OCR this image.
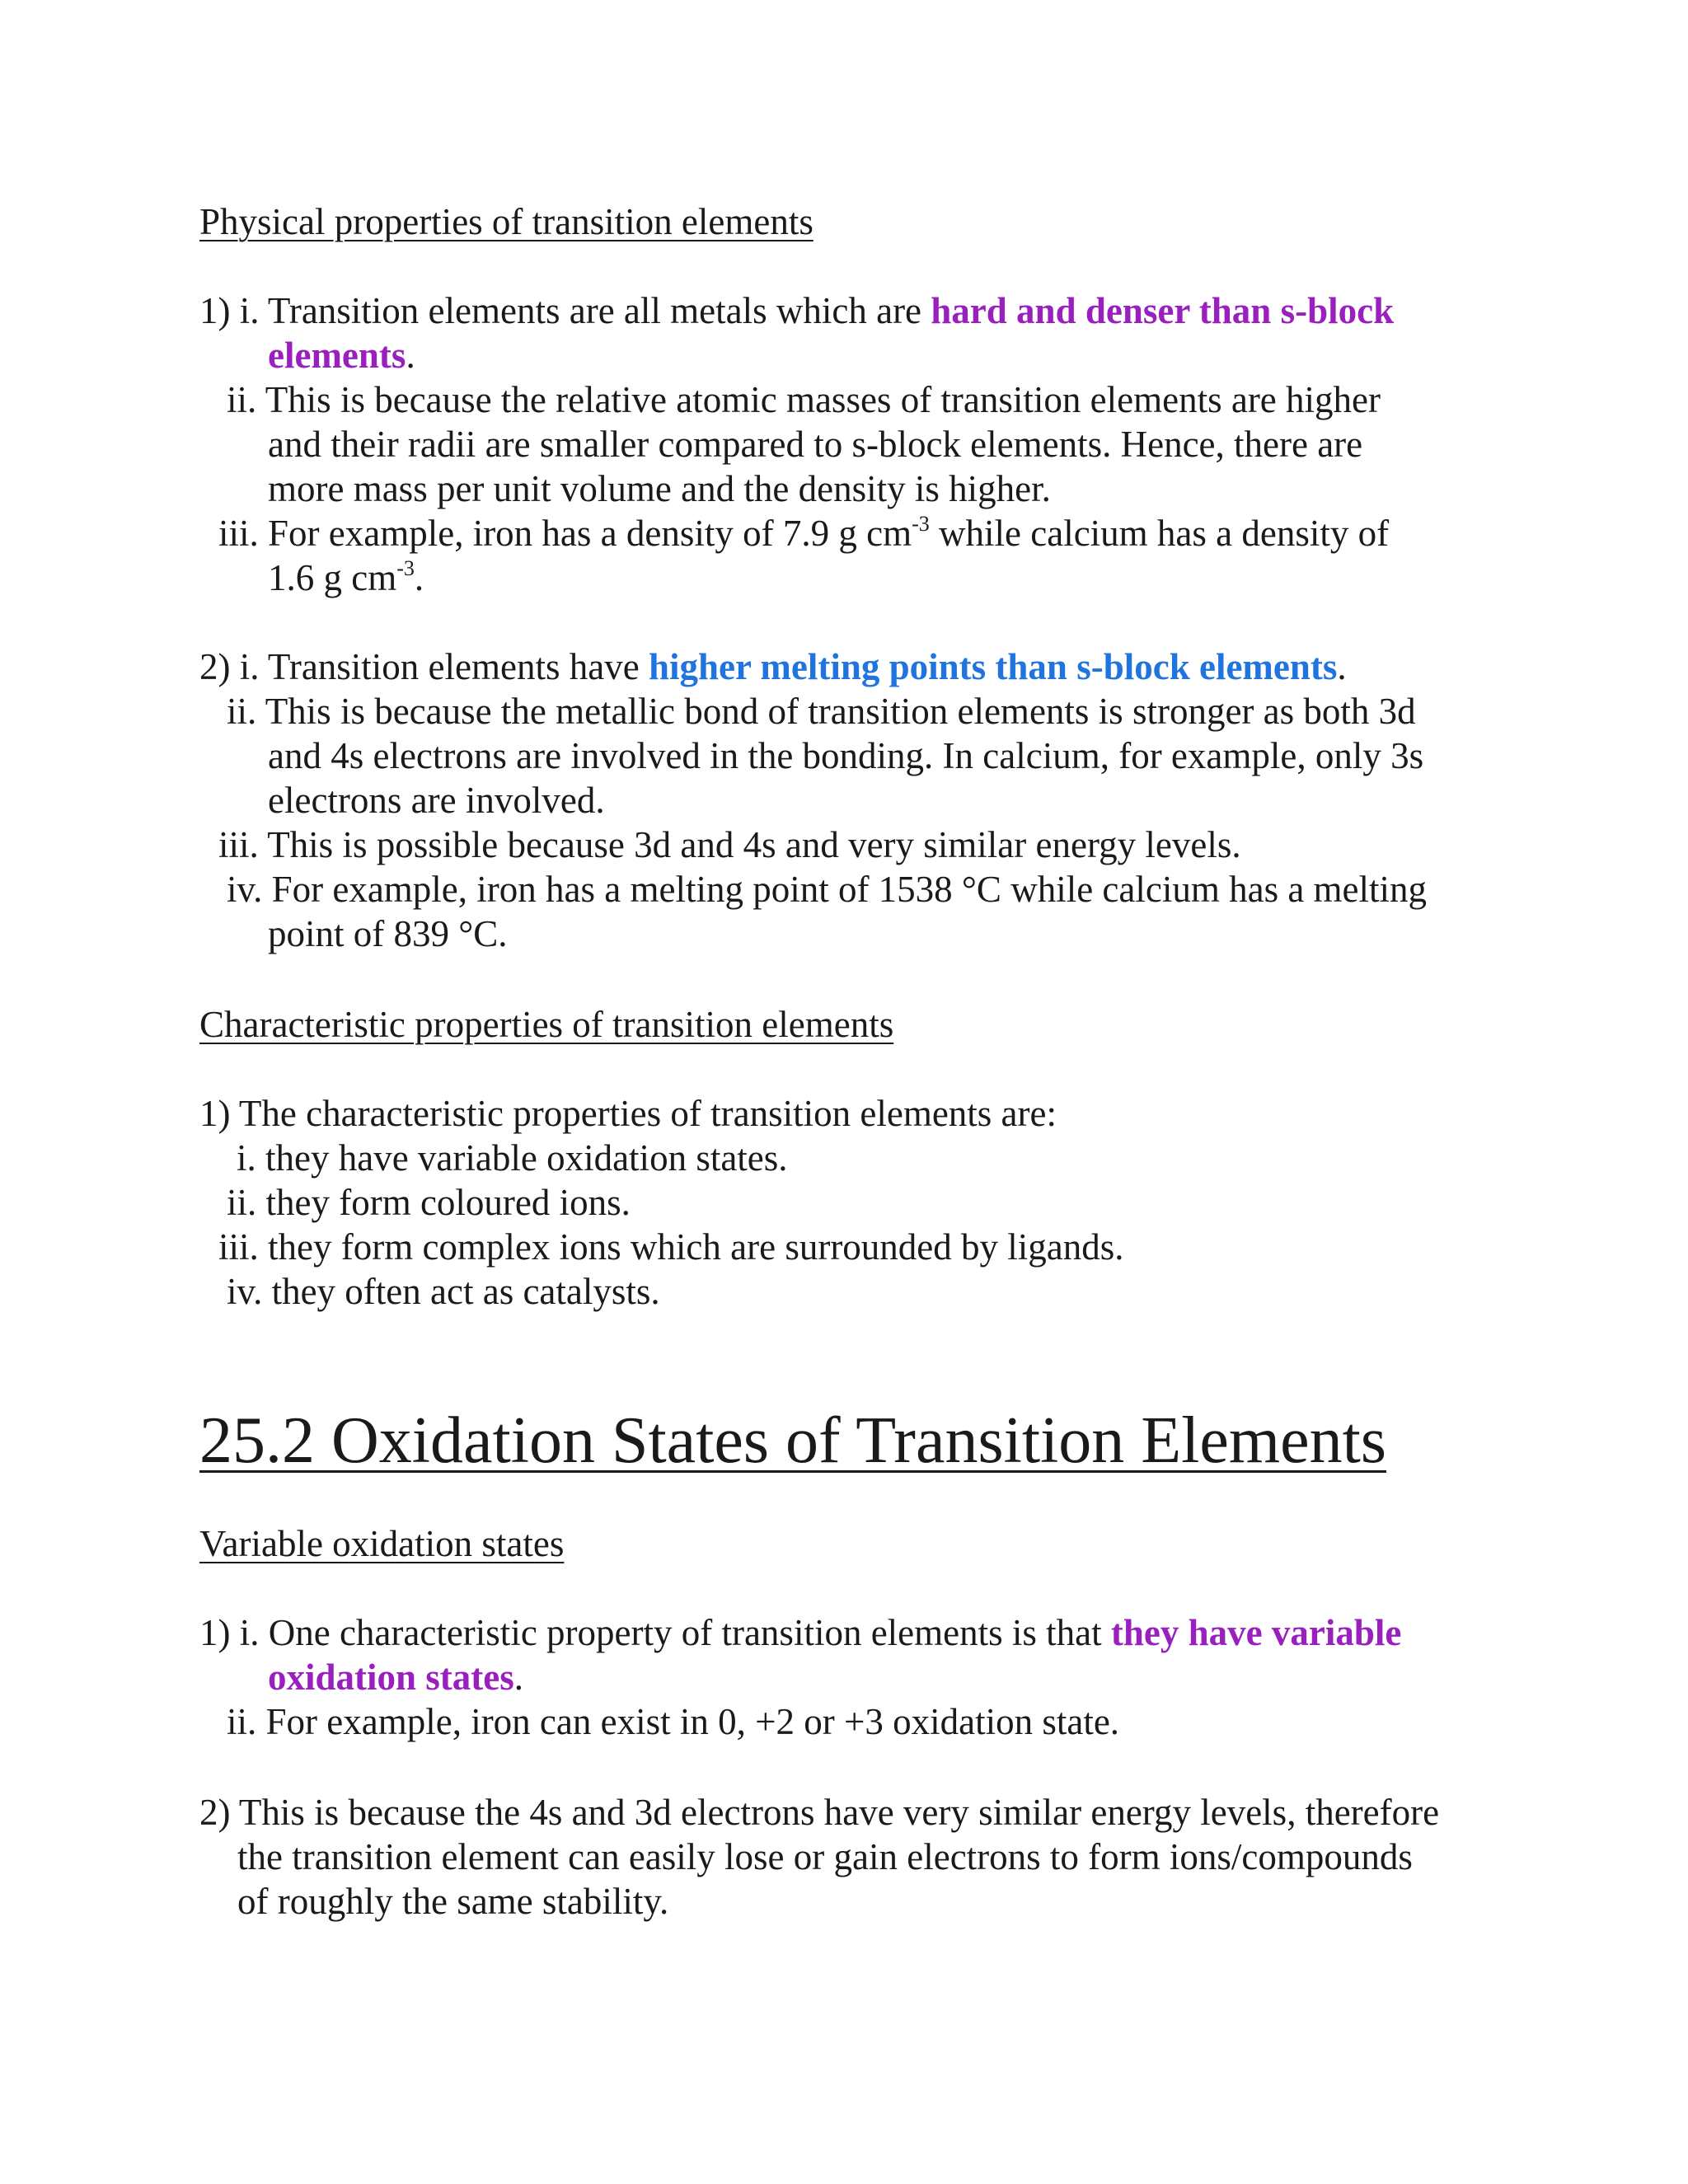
Physical properties of transition elements
1) i. Transition elements are all metals which are hard and denser than s-block
elements.
ii. This is because the relative atomic masses of transition elements are higher
and their radii are smaller compared to s-block elements. Hence, there are
more mass per unit volume and the density is higher.
iii. For example, iron has a density of 7.9 g $cm^{-3}$ while calcium has a density of
1.6 g $cm^{-3}$.
2) i. Transition elements have higher melting points than s-block elements.
ii. This is because the metallic bond of transition elements is stronger as both 3d
and 4s electrons are involved in the bonding. In calcium, for example, only 3s
electrons are involved.
iii. This is possible because 3d and 4s and very similar energy levels.
iv. For example, iron has a melting point of 1538 °C while calcium has a melting
point of 839 °C.
Characteristic properties of transition elements
1) The characteristic properties of transition elements are:
i. they have variable oxidation states.
ii. they form coloured ions.
iii. they form complex ions which are surrounded by ligands.
iv. they often act as catalysts.
25.2 Oxidation States of Transition Elements
Variable oxidation states
1) i. One characteristic property of transition elements is that they have variable
oxidation states.
ii. For example, iron can exist in 0, +2 or +3 oxidation state.
2) This is because the 4s and 3d electrons have very similar energy levels, therefore
the transition element can easily lose or gain electrons to form ions/compounds
of roughly the same stability.
